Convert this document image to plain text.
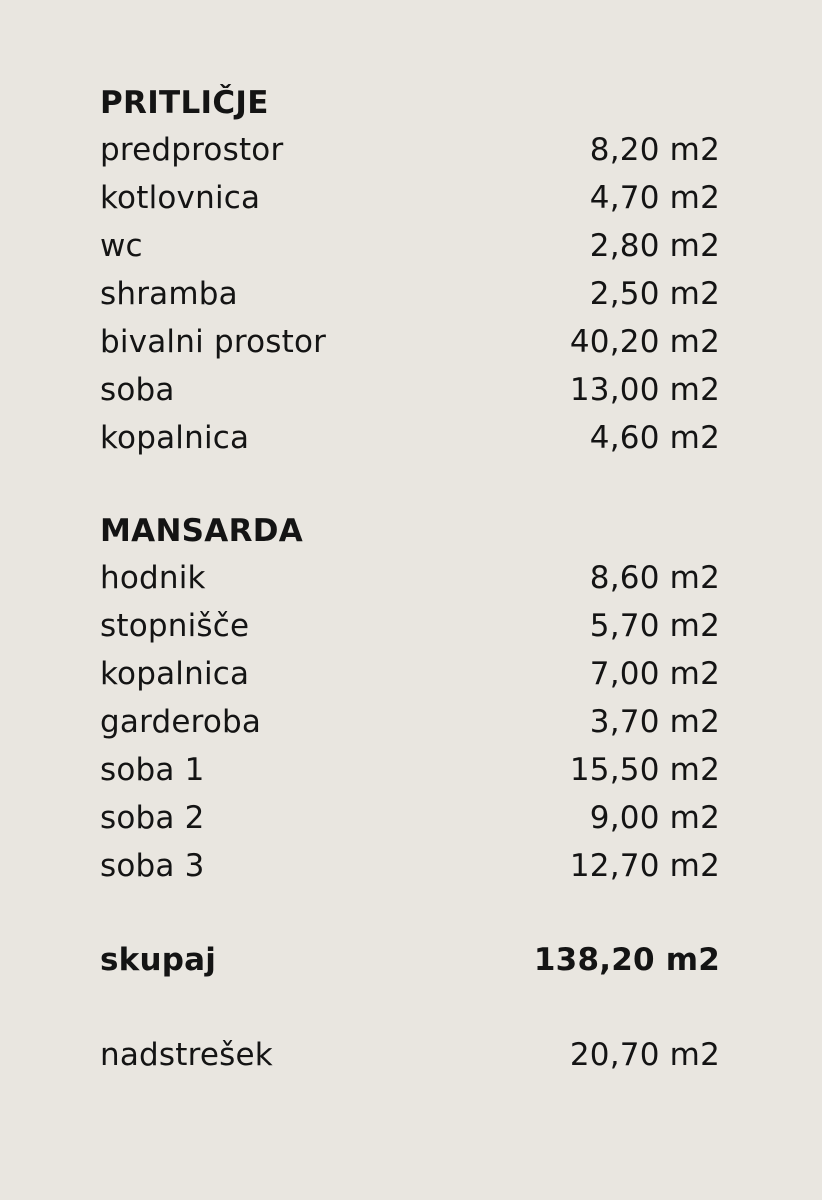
PRITLIČJE
predprostor	8,20 m2
kotlovnica	4,70 m2
wc	2,80 m2
shramba	2,50 m2
bivalni prostor	40,20 m2
soba	13,00 m2
kopalnica	4,60 m2
MANSARDA
hodnik	8,60 m2
stopnišče	5,70 m2
kopalnica	7,00 m2
garderoba	3,70 m2
soba 1	15,50 m2
soba 2	9,00 m2
soba 3	12,70 m2
skupaj	138,20 m2
nadstrešek	20,70 m2
